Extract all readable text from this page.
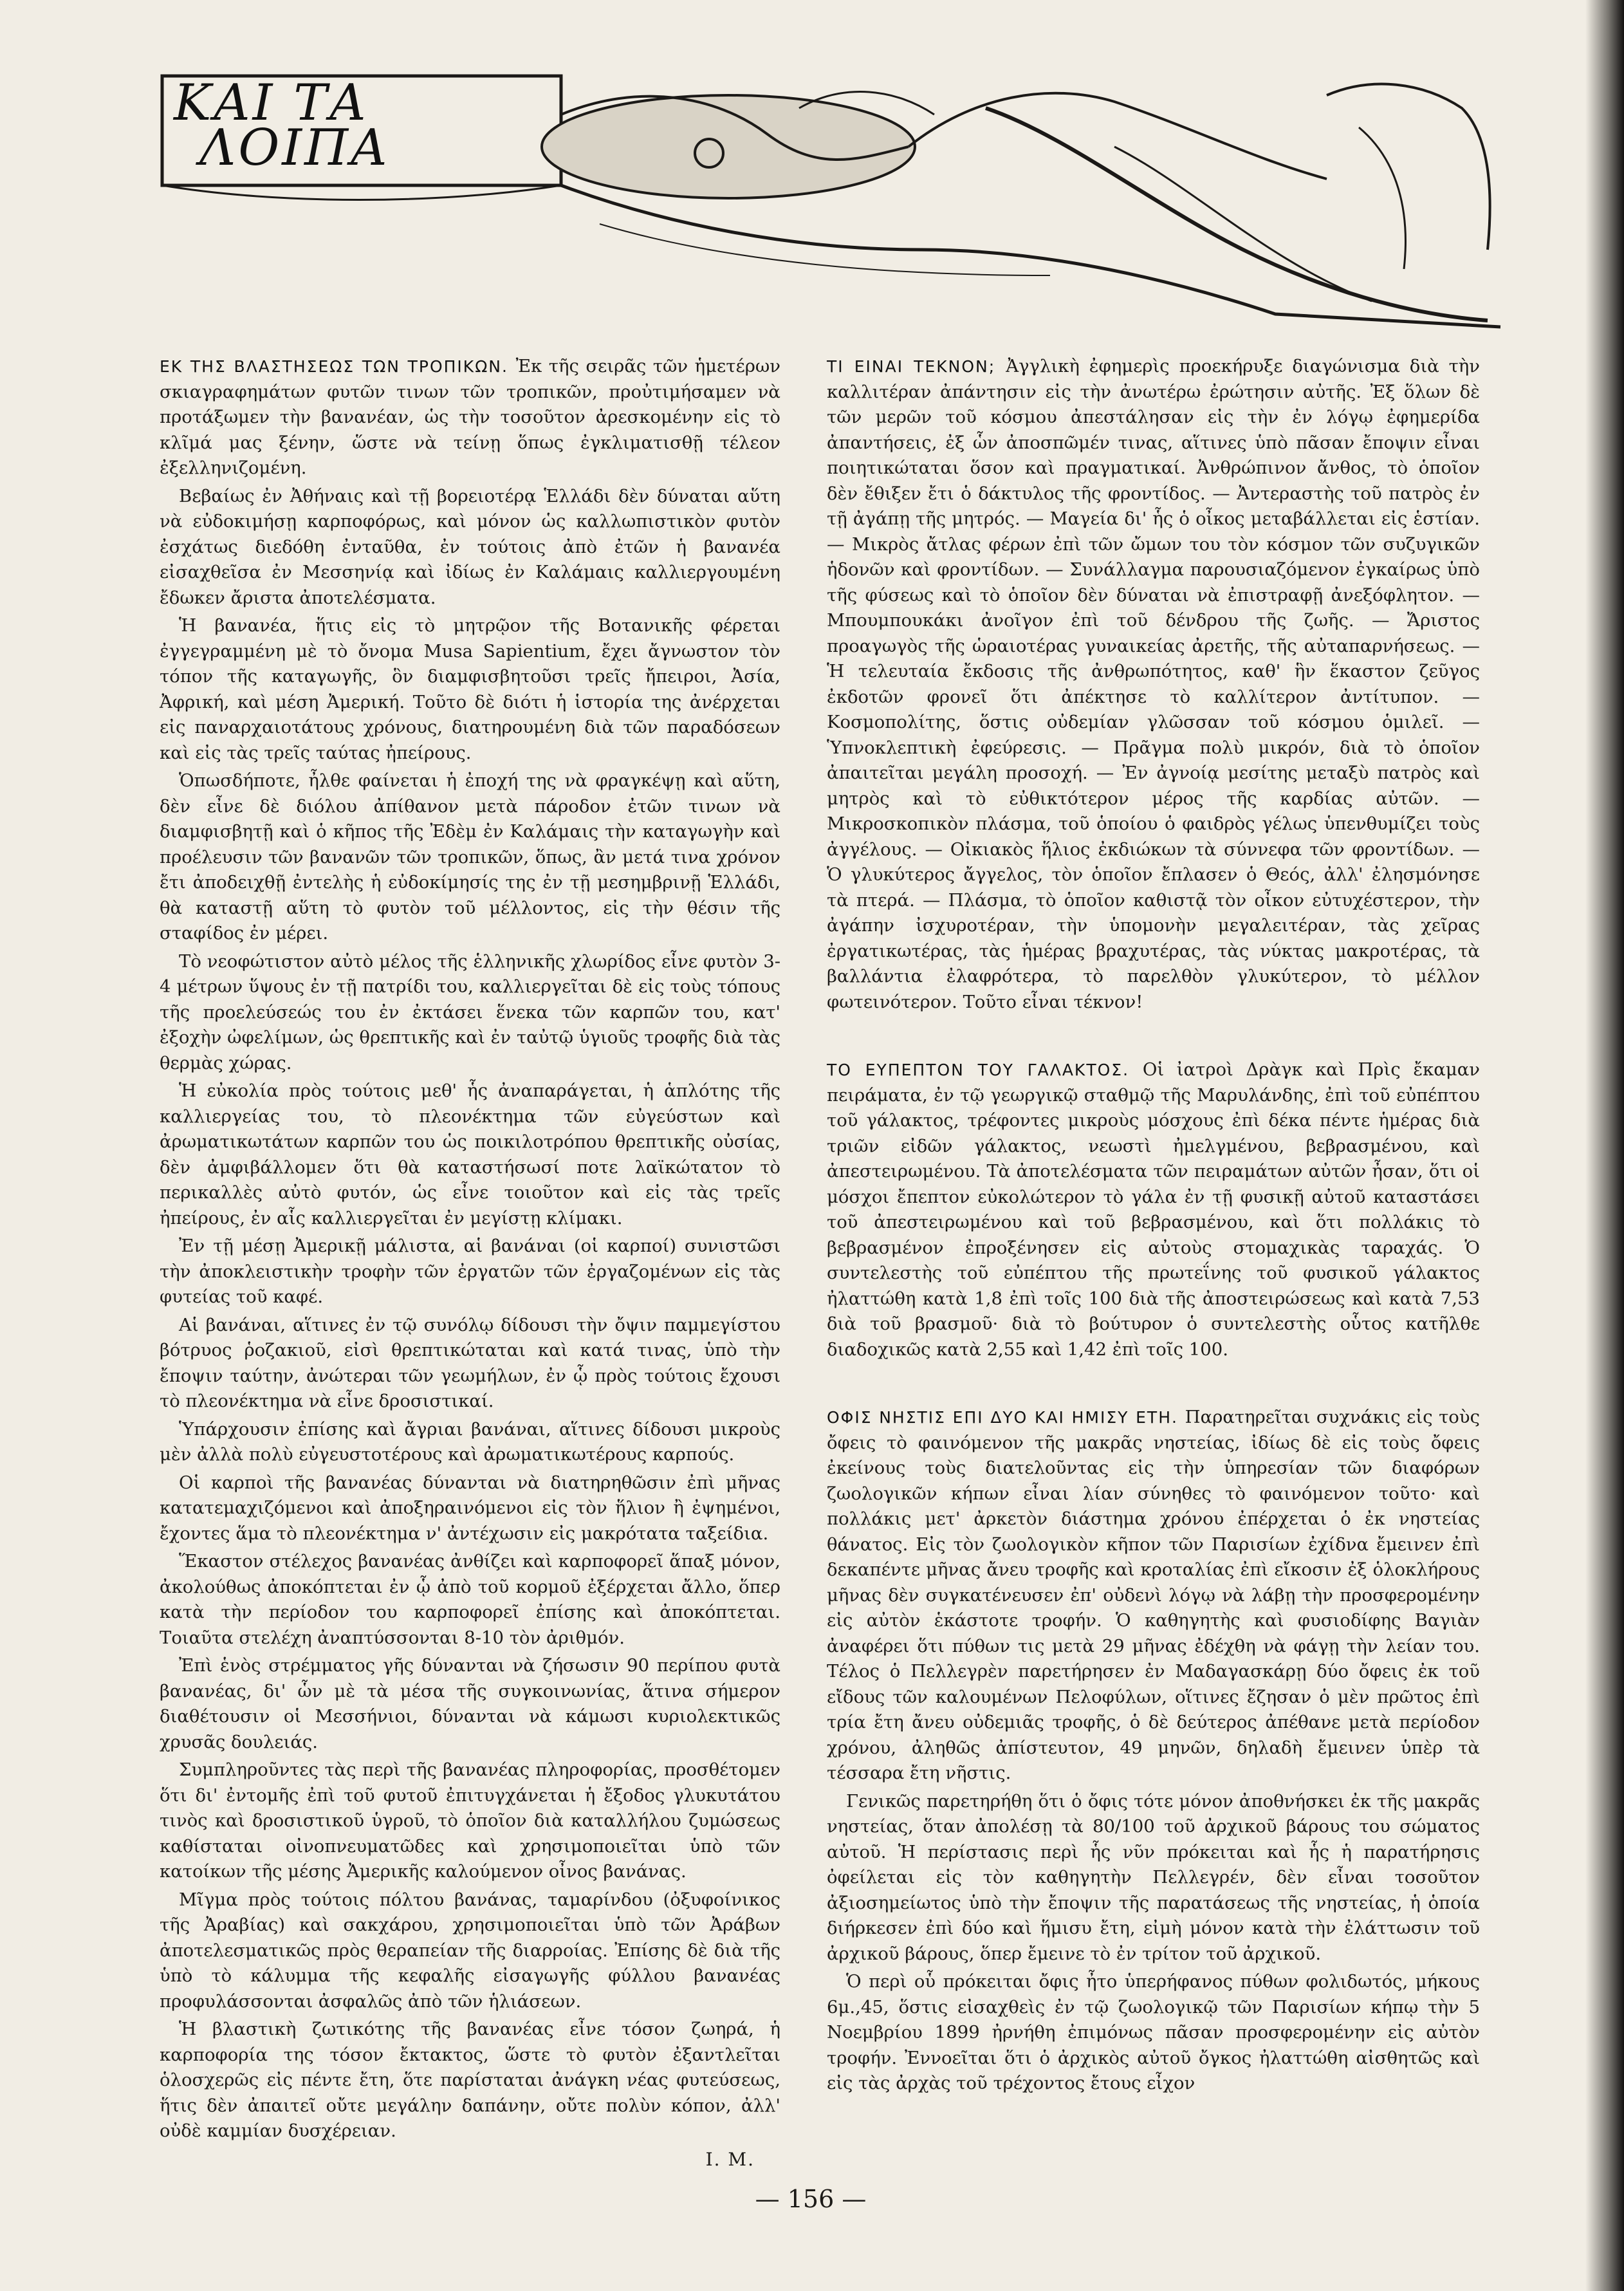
ΚΑΙ ΤΑ
ΛΟΙΠΑ

ΕΚ ΤΗΣ ΒΛΑΣΤΗΣΕΩΣ ΤΩΝ ΤΡΟΠΙΚΩΝ. Ἐκ τῆς σειρᾶς τῶν ἡμετέρων σκιαγραφημάτων φυτῶν τινων τῶν τροπικῶν, προὐτιμήσαμεν νὰ προτάξωμεν τὴν βανανέαν, ὡς τὴν τοσοῦτον ἀρεσκομένην εἰς τὸ κλῖμά μας ξένην, ὥστε νὰ τείνῃ ὅπως ἐγκλιματισθῇ τέλεον ἐξελληνιζομένη.

Βεβαίως ἐν Ἀθήναις καὶ τῇ βορειοτέρᾳ Ἑλλάδι δὲν δύναται αὕτη νὰ εὐδοκιμήσῃ καρποφόρως, καὶ μόνον ὡς καλλωπιστικὸν φυτὸν ἐσχάτως διεδόθη ἐνταῦθα, ἐν τούτοις ἀπὸ ἐτῶν ἡ βανανέα εἰσαχθεῖσα ἐν Μεσσηνίᾳ καὶ ἰδίως ἐν Καλάμαις καλλιεργουμένη ἔδωκεν ἄριστα ἀποτελέσματα.

Ἡ βανανέα, ἥτις εἰς τὸ μητρῷον τῆς Βοτανικῆς φέρεται ἐγγεγραμμένη μὲ τὸ ὄνομα Musa Sapientium, ἔχει ἄγνωστον τὸν τόπον τῆς καταγωγῆς, ὃν διαμφισβητοῦσι τρεῖς ἤπειροι, Ἀσία, Ἀφρική, καὶ μέση Ἀμερική. Τοῦτο δὲ διότι ἡ ἱστορία της ἀνέρχεται εἰς παναρχαιοτάτους χρόνους, διατηρουμένη διὰ τῶν παραδόσεων καὶ εἰς τὰς τρεῖς ταύτας ἠπείρους.

Ὁπωσδήποτε, ἦλθε φαίνεται ἡ ἐποχή της νὰ φραγκέψῃ καὶ αὕτη, δὲν εἶνε δὲ διόλου ἀπίθανον μετὰ πάροδον ἐτῶν τινων νὰ διαμφισβητῇ καὶ ὁ κῆπος τῆς Ἐδὲμ ἐν Καλάμαις τὴν καταγωγὴν καὶ προέλευσιν τῶν βανανῶν τῶν τροπικῶν, ὅπως, ἂν μετά τινα χρόνον ἔτι ἀποδειχθῇ ἐντελὴς ἡ εὐδοκίμησίς της ἐν τῇ μεσημβρινῇ Ἑλλάδι, θὰ καταστῇ αὕτη τὸ φυτὸν τοῦ μέλλοντος, εἰς τὴν θέσιν τῆς σταφίδος ἐν μέρει.

Τὸ νεοφώτιστον αὐτὸ μέλος τῆς ἑλληνικῆς χλωρίδος εἶνε φυτὸν 3-4 μέτρων ὕψους ἐν τῇ πατρίδι του, καλλιεργεῖται δὲ εἰς τοὺς τόπους τῆς προελεύσεώς του ἐν ἐκτάσει ἕνεκα τῶν καρπῶν του, κατ' ἐξοχὴν ὠφελίμων, ὡς θρεπτικῆς καὶ ἐν ταὐτῷ ὑγιοῦς τροφῆς διὰ τὰς θερμὰς χώρας.

Ἡ εὐκολία πρὸς τούτοις μεθ' ἧς ἀναπαράγεται, ἡ ἁπλότης τῆς καλλιεργείας του, τὸ πλεονέκτημα τῶν εὐγεύστων καὶ ἀρωματικωτάτων καρπῶν του ὡς ποικιλοτρόπου θρεπτικῆς οὐσίας, δὲν ἀμφιβάλλομεν ὅτι θὰ καταστήσωσί ποτε λαϊκώτατον τὸ περικαλλὲς αὐτὸ φυτόν, ὡς εἶνε τοιοῦτον καὶ εἰς τὰς τρεῖς ἠπείρους, ἐν αἷς καλλιεργεῖται ἐν μεγίστῃ κλίμακι.

Ἐν τῇ μέσῃ Ἀμερικῇ μάλιστα, αἱ βανάναι (οἱ καρποί) συνιστῶσι τὴν ἀποκλειστικὴν τροφὴν τῶν ἐργατῶν τῶν ἐργαζομένων εἰς τὰς φυτείας τοῦ καφέ.

Αἱ βανάναι, αἵτινες ἐν τῷ συνόλῳ δίδουσι τὴν ὄψιν παμμεγίστου βότρυος ῥοζακιοῦ, εἰσὶ θρεπτικώταται καὶ κατά τινας, ὑπὸ τὴν ἔποψιν ταύτην, ἀνώτεραι τῶν γεωμήλων, ἐν ᾧ πρὸς τούτοις ἔχουσι τὸ πλεονέκτημα νὰ εἶνε δροσιστικαί.

Ὑπάρχουσιν ἐπίσης καὶ ἄγριαι βανάναι, αἵτινες δίδουσι μικροὺς μὲν ἀλλὰ πολὺ εὐγευστοτέρους καὶ ἀρωματικωτέρους καρπούς.

Οἱ καρποὶ τῆς βανανέας δύνανται νὰ διατηρηθῶσιν ἐπὶ μῆνας κατατεμαχιζόμενοι καὶ ἀποξηραινόμενοι εἰς τὸν ἥλιον ἢ ἐψημένοι, ἔχοντες ἅμα τὸ πλεονέκτημα ν' ἀντέχωσιν εἰς μακρότατα ταξείδια.

Ἕκαστον στέλεχος βανανέας ἀνθίζει καὶ καρποφορεῖ ἅπαξ μόνον, ἀκολούθως ἀποκόπτεται ἐν ᾧ ἀπὸ τοῦ κορμοῦ ἐξέρχεται ἄλλο, ὅπερ κατὰ τὴν περίοδον του καρποφορεῖ ἐπίσης καὶ ἀποκόπτεται. Τοιαῦτα στελέχη ἀναπτύσσονται 8-10 τὸν ἀριθμόν.

Ἐπὶ ἑνὸς στρέμματος γῆς δύνανται νὰ ζήσωσιν 90 περίπου φυτὰ βανανέας, δι' ὧν μὲ τὰ μέσα τῆς συγκοινωνίας, ἅτινα σήμερον διαθέτουσιν οἱ Μεσσήνιοι, δύνανται νὰ κάμωσι κυριολεκτικῶς χρυσᾶς δουλειάς.

Συμπληροῦντες τὰς περὶ τῆς βανανέας πληροφορίας, προσθέτομεν ὅτι δι' ἐντομῆς ἐπὶ τοῦ φυτοῦ ἐπιτυγχάνεται ἡ ἔξοδος γλυκυτάτου τινὸς καὶ δροσιστικοῦ ὑγροῦ, τὸ ὁποῖον διὰ καταλλήλου ζυμώσεως καθίσταται οἰνοπνευματῶδες καὶ χρησιμοποιεῖται ὑπὸ τῶν κατοίκων τῆς μέσης Ἀμερικῆς καλούμενον οἶνος βανάνας.

Μῖγμα πρὸς τούτοις πόλτου βανάνας, ταμαρίνδου (ὀξυφοίνικος τῆς Ἀραβίας) καὶ σακχάρου, χρησιμοποιεῖται ὑπὸ τῶν Ἀράβων ἀποτελεσματικῶς πρὸς θεραπείαν τῆς διαρροίας. Ἐπίσης δὲ διὰ τῆς ὑπὸ τὸ κάλυμμα τῆς κεφαλῆς εἰσαγωγῆς φύλλου βανανέας προφυλάσσονται ἀσφαλῶς ἀπὸ τῶν ἡλιάσεων.

Ἡ βλαστικὴ ζωτικότης τῆς βανανέας εἶνε τόσον ζωηρά, ἡ καρποφορία της τόσον ἔκτακτος, ὥστε τὸ φυτὸν ἐξαντλεῖται ὁλοσχερῶς εἰς πέντε ἔτη, ὅτε παρίσταται ἀνάγκη νέας φυτεύσεως, ἥτις δὲν ἀπαιτεῖ οὔτε μεγάλην δαπάνην, οὔτε πολὺν κόπον, ἀλλ' οὐδὲ καμμίαν δυσχέρειαν.

Ι. Μ.

ΤΙ ΕΙΝΑΙ ΤΕΚΝΟΝ; Ἀγγλικὴ ἐφημερὶς προεκήρυξε διαγώνισμα διὰ τὴν καλλιτέραν ἀπάντησιν εἰς τὴν ἀνωτέρω ἐρώτησιν αὐτῆς. Ἐξ ὅλων δὲ τῶν μερῶν τοῦ κόσμου ἀπεστάλησαν εἰς τὴν ἐν λόγῳ ἐφημερίδα ἀπαντήσεις, ἐξ ὧν ἀποσπῶμέν τινας, αἵτινες ὑπὸ πᾶσαν ἔποψιν εἶναι ποιητικώταται ὅσον καὶ πραγματικαί. Ἀνθρώπινον ἄνθος, τὸ ὁποῖον δὲν ἔθιξεν ἔτι ὁ δάκτυλος τῆς φροντίδος. — Ἀντεραστὴς τοῦ πατρὸς ἐν τῇ ἀγάπῃ τῆς μητρός. — Μαγεία δι' ἧς ὁ οἶκος μεταβάλλεται εἰς ἑστίαν. — Μικρὸς ἄτλας φέρων ἐπὶ τῶν ὤμων του τὸν κόσμον τῶν συζυγικῶν ἡδονῶν καὶ φροντίδων. — Συνάλλαγμα παρουσιαζόμενον ἐγκαίρως ὑπὸ τῆς φύσεως καὶ τὸ ὁποῖον δὲν δύναται νὰ ἐπιστραφῇ ἀνεξόφλητον. — Μπουμπουκάκι ἀνοῖγον ἐπὶ τοῦ δένδρου τῆς ζωῆς. — Ἄριστος προαγωγὸς τῆς ὡραιοτέρας γυναικείας ἀρετῆς, τῆς αὐταπαρνήσεως. — Ἡ τελευταία ἔκδοσις τῆς ἀνθρωπότητος, καθ' ἣν ἕκαστον ζεῦγος ἐκδοτῶν φρονεῖ ὅτι ἀπέκτησε τὸ καλλίτερον ἀντίτυπον. — Κοσμοπολίτης, ὅστις οὐδεμίαν γλῶσσαν τοῦ κόσμου ὁμιλεῖ. — Ὑπνοκλεπτικὴ ἐφεύρεσις. — Πρᾶγμα πολὺ μικρόν, διὰ τὸ ὁποῖον ἀπαιτεῖται μεγάλη προσοχή. — Ἐν ἀγνοίᾳ μεσίτης μεταξὺ πατρὸς καὶ μητρὸς καὶ τὸ εὐθικτότερον μέρος τῆς καρδίας αὐτῶν. — Μικροσκοπικὸν πλάσμα, τοῦ ὁποίου ὁ φαιδρὸς γέλως ὑπενθυμίζει τοὺς ἀγγέλους. — Οἰκιακὸς ἥλιος ἐκδιώκων τὰ σύννεφα τῶν φροντίδων. — Ὁ γλυκύτερος ἄγγελος, τὸν ὁποῖον ἔπλασεν ὁ Θεός, ἀλλ' ἐλησμόνησε τὰ πτερά. — Πλάσμα, τὸ ὁποῖον καθιστᾷ τὸν οἶκον εὐτυχέστερον, τὴν ἀγάπην ἰσχυροτέραν, τὴν ὑπομονὴν μεγαλειτέραν, τὰς χεῖρας ἐργατικωτέρας, τὰς ἡμέρας βραχυτέρας, τὰς νύκτας μακροτέρας, τὰ βαλλάντια ἐλαφρότερα, τὸ παρελθὸν γλυκύτερον, τὸ μέλλον φωτεινότερον. Τοῦτο εἶναι τέκνον!

ΤΟ ΕΥΠΕΠΤΟΝ ΤΟΥ ΓΑΛΑΚΤΟΣ. Οἱ ἰατροὶ Δρὰγκ καὶ Πρὶς ἔκαμαν πειράματα, ἐν τῷ γεωργικῷ σταθμῷ τῆς Μαρυλάνδης, ἐπὶ τοῦ εὐπέπτου τοῦ γάλακτος, τρέφοντες μικροὺς μόσχους ἐπὶ δέκα πέντε ἡμέρας διὰ τριῶν εἰδῶν γάλακτος, νεωστὶ ἠμελγμένου, βεβρασμένου, καὶ ἀπεστειρωμένου. Τὰ ἀποτελέσματα τῶν πειραμάτων αὐτῶν ἦσαν, ὅτι οἱ μόσχοι ἔπεπτον εὐκολώτερον τὸ γάλα ἐν τῇ φυσικῇ αὐτοῦ καταστάσει τοῦ ἀπεστειρωμένου καὶ τοῦ βεβρασμένου, καὶ ὅτι πολλάκις τὸ βεβρασμένον ἐπροξένησεν εἰς αὐτοὺς στομαχικὰς ταραχάς. Ὁ συντελεστὴς τοῦ εὐπέπτου τῆς πρωτεΐνης τοῦ φυσικοῦ γάλακτος ἠλαττώθη κατὰ 1,8 ἐπὶ τοῖς 100 διὰ τῆς ἀποστειρώσεως καὶ κατὰ 7,53 διὰ τοῦ βρασμοῦ· διὰ τὸ βούτυρον ὁ συντελεστὴς οὗτος κατῆλθε διαδοχικῶς κατὰ 2,55 καὶ 1,42 ἐπὶ τοῖς 100.

ΟΦΙΣ ΝΗΣΤΙΣ ΕΠΙ ΔΥΟ ΚΑΙ ΗΜΙΣΥ ΕΤΗ. Παρατηρεῖται συχνάκις εἰς τοὺς ὄφεις τὸ φαινόμενον τῆς μακρᾶς νηστείας, ἰδίως δὲ εἰς τοὺς ὄφεις ἐκείνους τοὺς διατελοῦντας εἰς τὴν ὑπηρεσίαν τῶν διαφόρων ζωολογικῶν κήπων εἶναι λίαν σύνηθες τὸ φαινόμενον τοῦτο· καὶ πολλάκις μετ' ἀρκετὸν διάστημα χρόνου ἐπέρχεται ὁ ἐκ νηστείας θάνατος. Εἰς τὸν ζωολογικὸν κῆπον τῶν Παρισίων ἐχίδνα ἔμεινεν ἐπὶ δεκαπέντε μῆνας ἄνευ τροφῆς καὶ κροταλίας ἐπὶ εἴκοσιν ἐξ ὁλοκλήρους μῆνας δὲν συγκατένευσεν ἐπ' οὐδενὶ λόγῳ νὰ λάβῃ τὴν προσφερομένην εἰς αὐτὸν ἑκάστοτε τροφήν. Ὁ καθηγητὴς καὶ φυσιοδίφης Βαγιὰν ἀναφέρει ὅτι πύθων τις μετὰ 29 μῆνας ἐδέχθη νὰ φάγῃ τὴν λείαν του. Τέλος ὁ Πελλεγρὲν παρετήρησεν ἐν Μαδαγασκάρῃ δύο ὄφεις ἐκ τοῦ εἴδους τῶν καλουμένων Πελοφύλων, οἵτινες ἔζησαν ὁ μὲν πρῶτος ἐπὶ τρία ἔτη ἄνευ οὐδεμιᾶς τροφῆς, ὁ δὲ δεύτερος ἀπέθανε μετὰ περίοδον χρόνου, ἀληθῶς ἀπίστευτον, 49 μηνῶν, δηλαδὴ ἔμεινεν ὑπὲρ τὰ τέσσαρα ἔτη νῆστις.

Γενικῶς παρετηρήθη ὅτι ὁ ὄφις τότε μόνον ἀποθνήσκει ἐκ τῆς μακρᾶς νηστείας, ὅταν ἀπολέσῃ τὰ 80/100 τοῦ ἀρχικοῦ βάρους του σώματος αὐτοῦ. Ἡ περίστασις περὶ ἧς νῦν πρόκειται καὶ ἧς ἡ παρατήρησις ὀφείλεται εἰς τὸν καθηγητὴν Πελλεγρέν, δὲν εἶναι τοσοῦτον ἀξιοσημείωτος ὑπὸ τὴν ἔποψιν τῆς παρατάσεως τῆς νηστείας, ἡ ὁποία διήρκεσεν ἐπὶ δύο καὶ ἥμισυ ἔτη, εἰμὴ μόνον κατὰ τὴν ἐλάττωσιν τοῦ ἀρχικοῦ βάρους, ὅπερ ἔμεινε τὸ ἐν τρίτον τοῦ ἀρχικοῦ.

Ὁ περὶ οὗ πρόκειται ὄφις ἦτο ὑπερήφανος πύθων φολιδωτός, μήκους 6μ.,45, ὅστις εἰσαχθεὶς ἐν τῷ ζωολογικῷ τῶν Παρισίων κήπῳ τὴν 5 Νοεμβρίου 1899 ἠρνήθη ἐπιμόνως πᾶσαν προσφερομένην εἰς αὐτὸν τροφήν. Ἐννοεῖται ὅτι ὁ ἀρχικὸς αὐτοῦ ὄγκος ἠλαττώθη αἰσθητῶς καὶ εἰς τὰς ἀρχὰς τοῦ τρέχοντος ἔτους εἶχον

— 156 —
